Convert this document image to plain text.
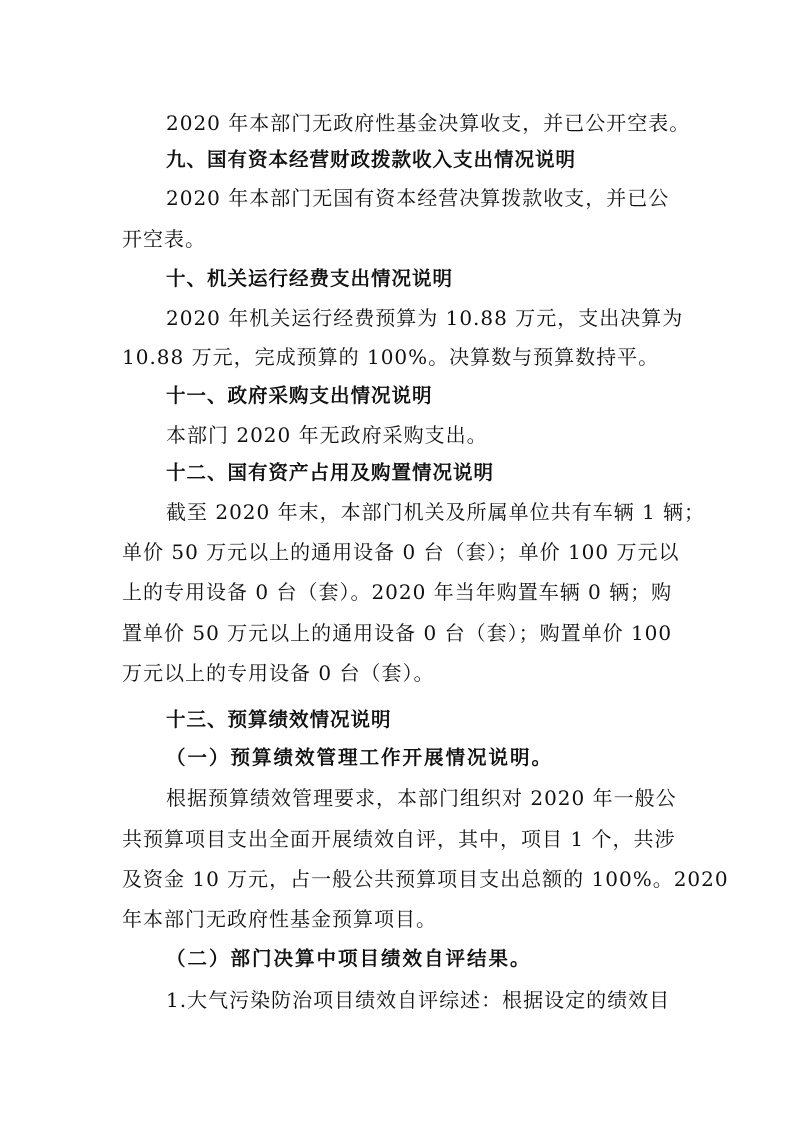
2020 年本部门无政府性基金决算收支，并已公开空表。
九、国有资本经营财政拨款收入支出情况说明
2020 年本部门无国有资本经营决算拨款收支，并已公
开空表。
十、机关运行经费支出情况说明
2020 年机关运行经费预算为 10.88 万元，支出决算为
10.88 万元，完成预算的 100%。决算数与预算数持平。
十一、政府采购支出情况说明
本部门 2020 年无政府采购支出。
十二、国有资产占用及购置情况说明
截至 2020 年末，本部门机关及所属单位共有车辆 1 辆；
单价 50 万元以上的通用设备 0 台（套）；单价 100 万元以
上的专用设备 0 台（套）。2020 年当年购置车辆 0 辆；购
置单价 50 万元以上的通用设备 0 台（套）；购置单价 100
万元以上的专用设备 0 台（套）。
十三、预算绩效情况说明
（一）预算绩效管理工作开展情况说明。
根据预算绩效管理要求，本部门组织对 2020 年一般公
共预算项目支出全面开展绩效自评，其中，项目 1 个，共涉
及资金 10 万元，占一般公共预算项目支出总额的 100%。2020
年本部门无政府性基金预算项目。
（二）部门决算中项目绩效自评结果。
1.大气污染防治项目绩效自评综述：根据设定的绩效目
